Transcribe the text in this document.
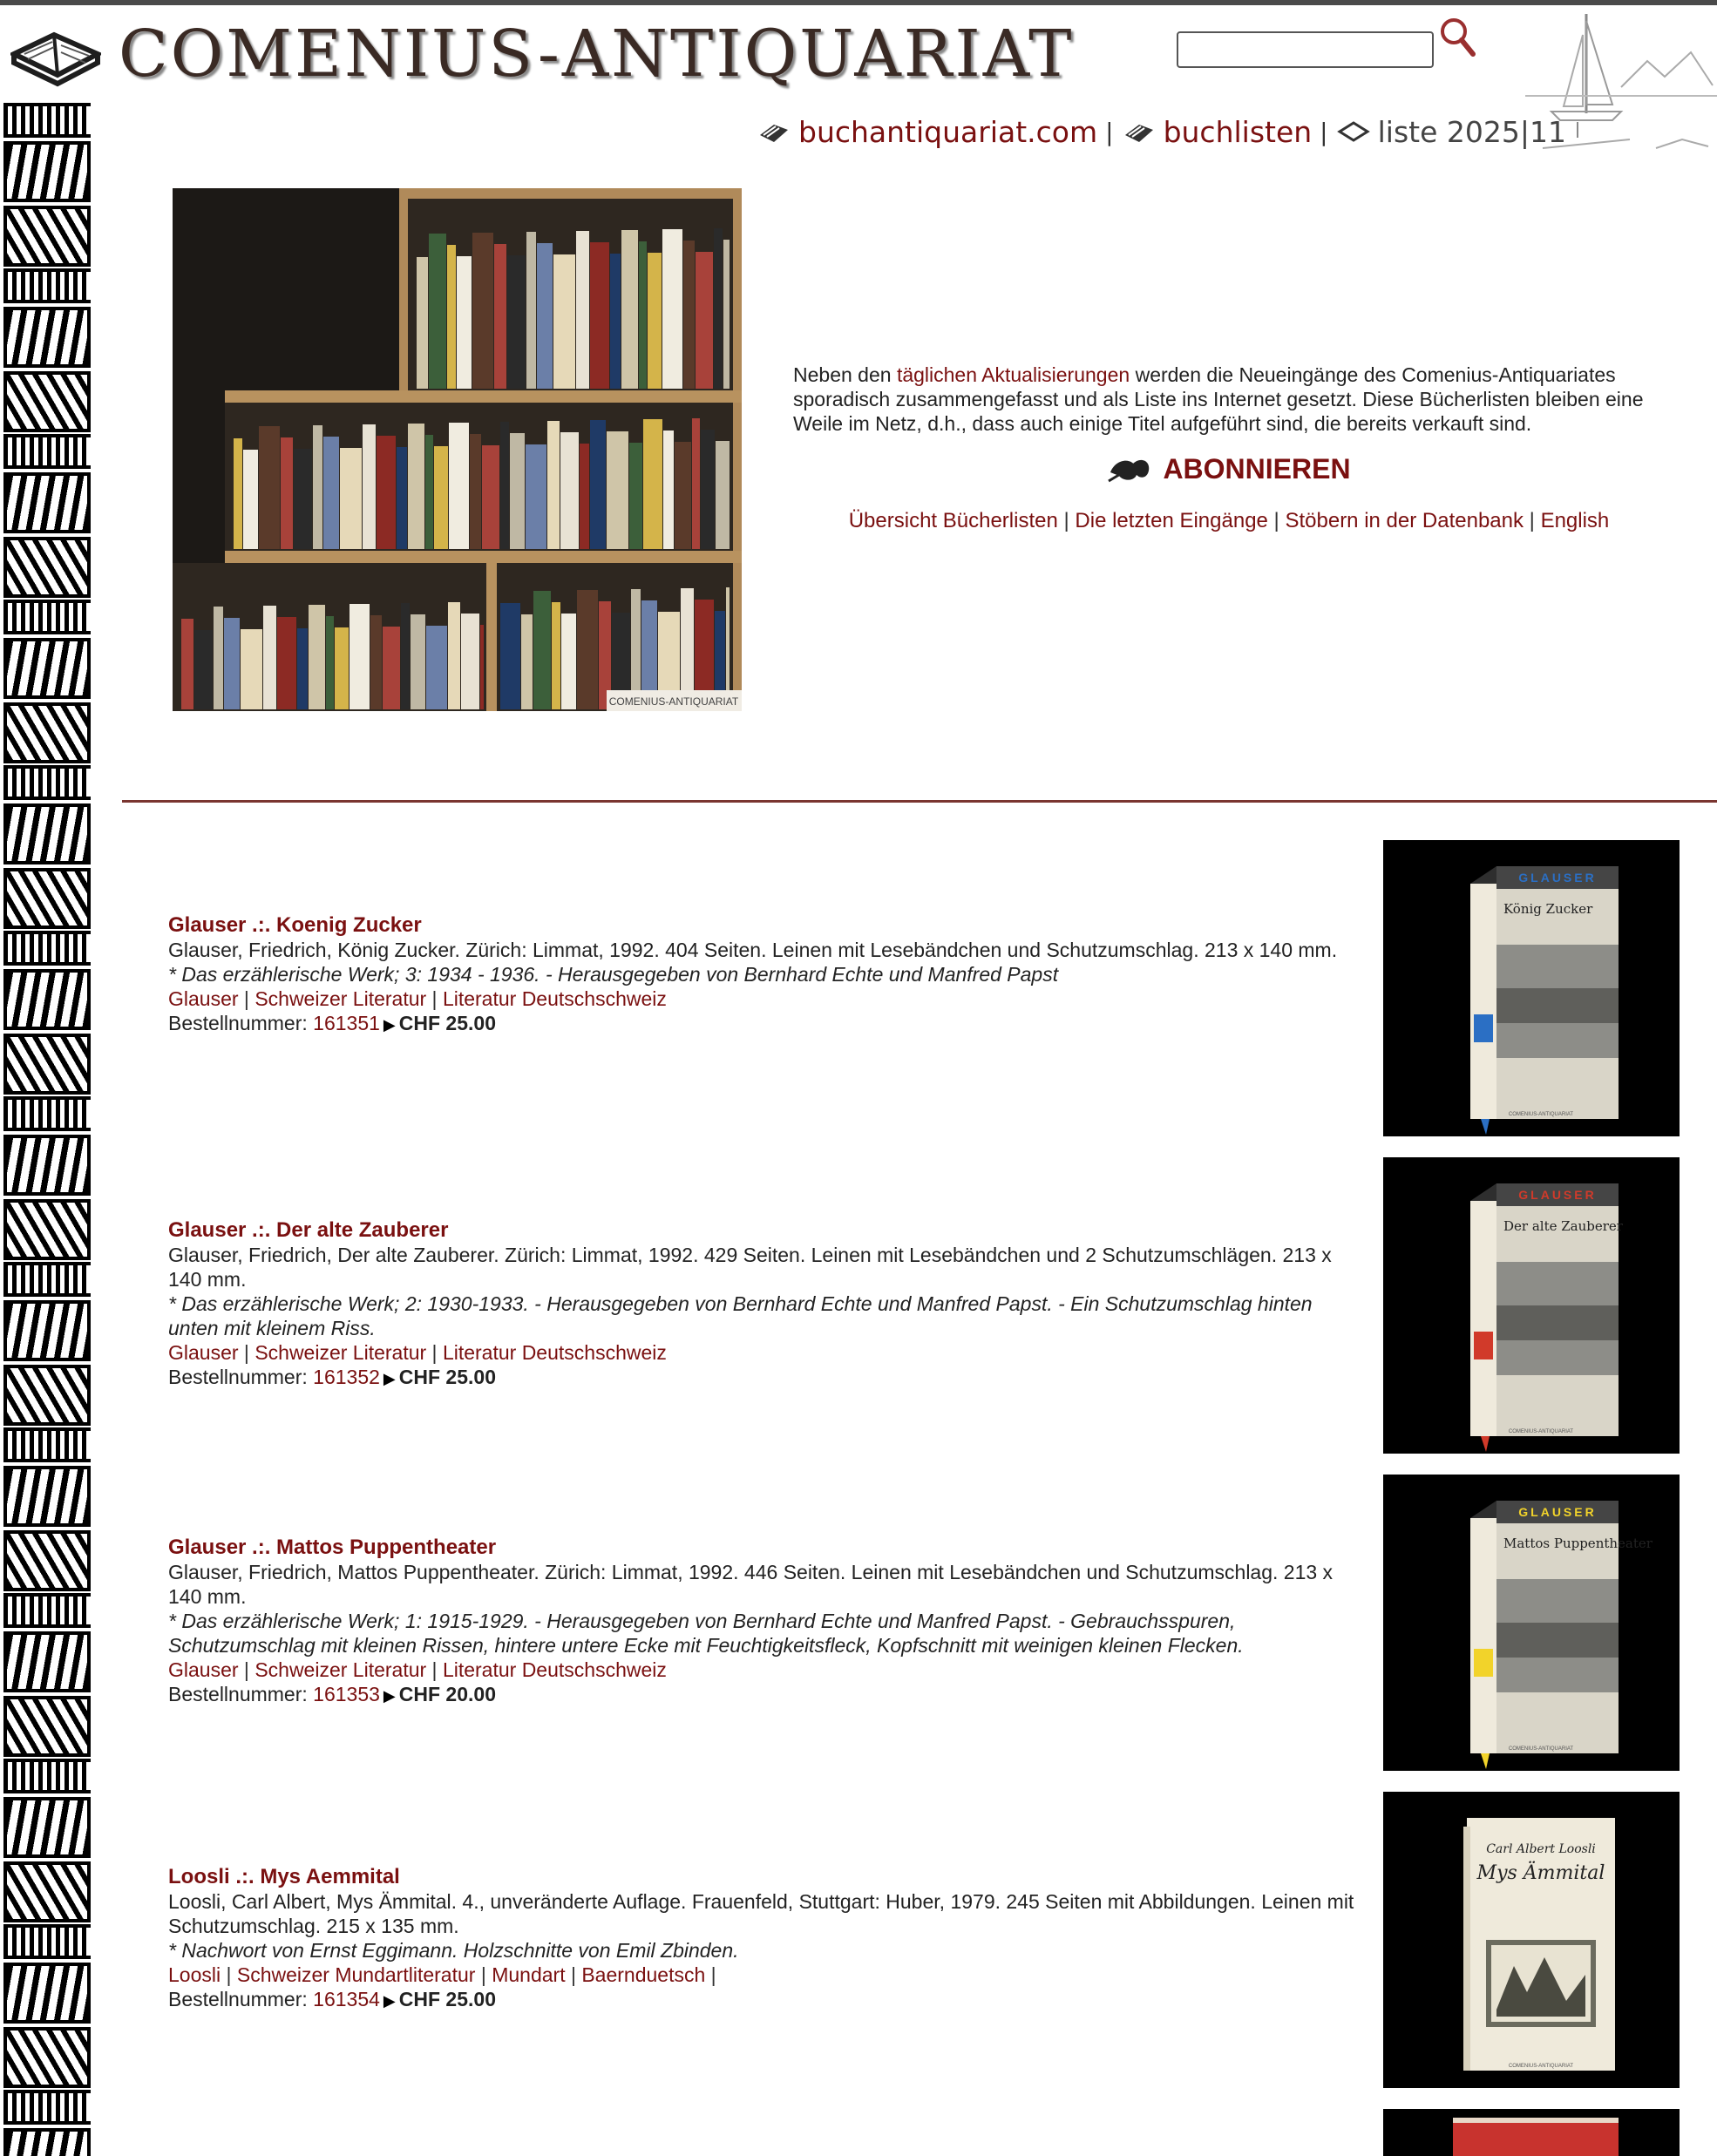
COMENIUS-ANTIQUARIAT
buchantiquariat.com | buchlisten | liste 2025|11
COMENIUS-ANTIQUARIAT
Neben den täglichen Aktualisierungen werden die Neueingänge des Comenius-Antiquariates sporadisch zusammengefasst und als Liste ins Internet gesetzt. Diese Bücherlisten bleiben eine Weile im Netz, d.h., dass auch einige Titel aufgeführt sind, die bereits verkauft sind.
ABONNIEREN
Übersicht Bücherlisten | Die letzten Eingänge | Stöbern in der Datenbank | English
Glauser .:. Koenig Zucker
Glauser, Friedrich, König Zucker. Zürich: Limmat, 1992. 404 Seiten. Leinen mit Lesebändchen und Schutzumschlag. 213 x 140 mm.
* Das erzählerische Werk; 3: 1934 - 1936. - Herausgegeben von Bernhard Echte und Manfred Papst
Glauser | Schweizer Literatur | Literatur Deutschschweiz
Bestellnummer: 161351 ▶ CHF 25.00
GLAUSER
König Zucker
COMENIUS-ANTIQUARIAT
Glauser .:. Der alte Zauberer
Glauser, Friedrich, Der alte Zauberer. Zürich: Limmat, 1992. 429 Seiten. Leinen mit Lesebändchen und 2 Schutzumschlägen. 213 x 140 mm.
* Das erzählerische Werk; 2: 1930-1933. - Herausgegeben von Bernhard Echte und Manfred Papst. - Ein Schutzumschlag hinten unten mit kleinem Riss.
Glauser | Schweizer Literatur | Literatur Deutschschweiz
Bestellnummer: 161352 ▶ CHF 25.00
GLAUSER
Der alte Zauberer
COMENIUS-ANTIQUARIAT
Glauser .:. Mattos Puppentheater
Glauser, Friedrich, Mattos Puppentheater. Zürich: Limmat, 1992. 446 Seiten. Leinen mit Lesebändchen und Schutzumschlag. 213 x 140 mm.
* Das erzählerische Werk; 1: 1915-1929. - Herausgegeben von Bernhard Echte und Manfred Papst. - Gebrauchsspuren, Schutzumschlag mit kleinen Rissen, hintere untere Ecke mit Feuchtigkeitsfleck, Kopfschnitt mit weinigen kleinen Flecken.
Glauser | Schweizer Literatur | Literatur Deutschschweiz
Bestellnummer: 161353 ▶ CHF 20.00
GLAUSER
Mattos Puppentheater
COMENIUS-ANTIQUARIAT
Loosli .:. Mys Aemmital
Loosli, Carl Albert, Mys Ämmital. 4., unveränderte Auflage. Frauenfeld, Stuttgart: Huber, 1979. 245 Seiten mit Abbildungen. Leinen mit Schutzumschlag. 215 x 135 mm.
* Nachwort von Ernst Eggimann. Holzschnitte von Emil Zbinden.
Loosli | Schweizer Mundartliteratur | Mundart | Baernduetsch |
Bestellnummer: 161354 ▶ CHF 25.00
Carl Albert Loosli
Mys Ämmital
COMENIUS-ANTIQUARIAT
